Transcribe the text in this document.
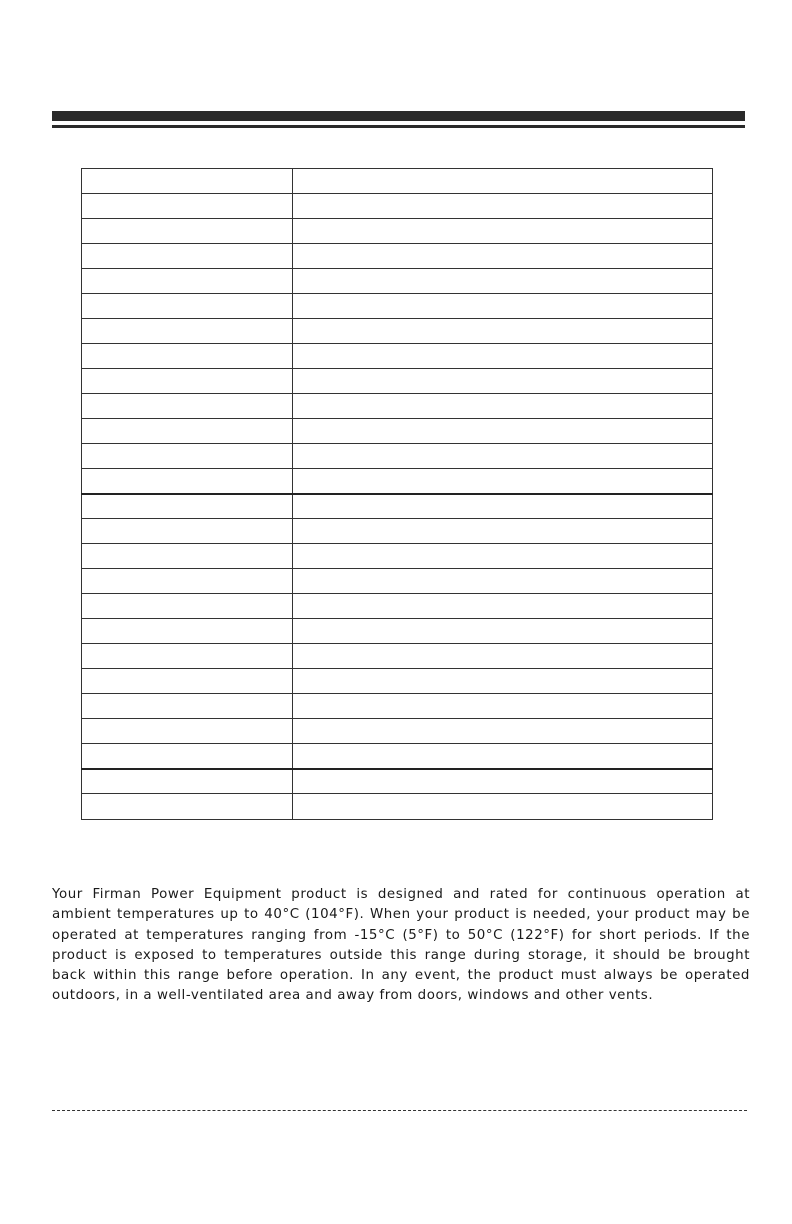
Your Firman Power Equipment product is designed and rated for continuous operation at ambient temperatures up to 40°C (104°F). When your product is needed, your product may be operated at temperatures ranging from -15°C (5°F) to 50°C (122°F) for short periods. If the product is exposed to temperatures outside this range during storage, it should be brought back within this range before operation. In any event, the product must always be operated outdoors, in a well-ventilated area and away from doors, windows and other vents.
